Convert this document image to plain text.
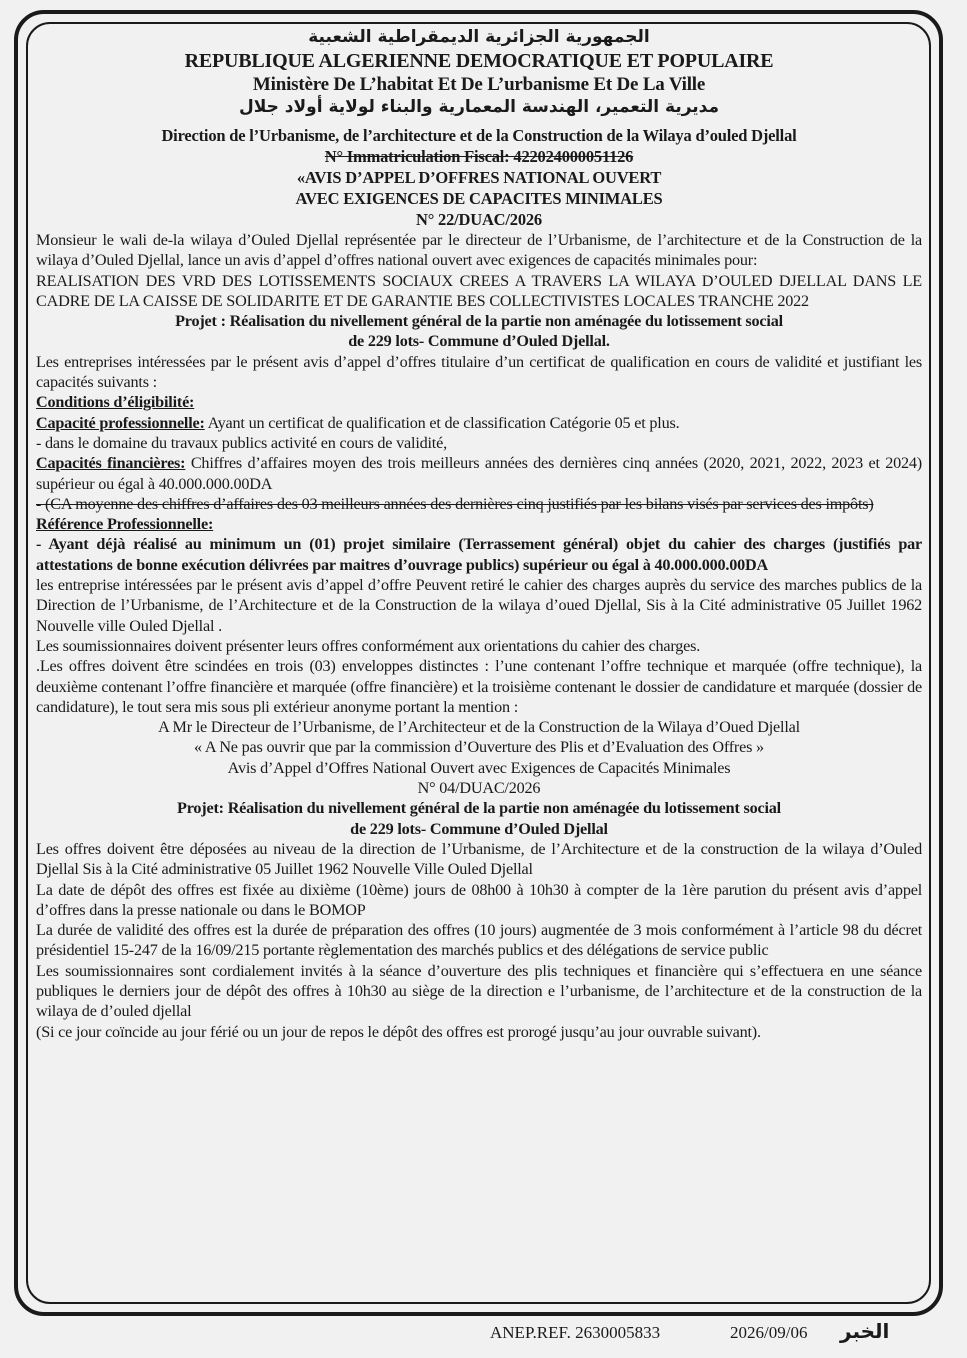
الجمهورية الجزائرية الديمقراطية الشعبية
REPUBLIQUE ALGERIENNE DEMOCRATIQUE ET POPULAIRE
Ministère De L’habitat Et De L’urbanisme Et De La Ville
مديرية التعمير، الهندسة المعمارية والبناء لولاية أولاد جلال
Direction de l’Urbanisme, de l’architecture et de la Construction de la Wilaya d’ouled Djellal
N° Immatriculation Fiscal: 422024000051126
«AVIS D’APPEL D’OFFRES NATIONAL OUVERT
AVEC EXIGENCES DE CAPACITES MINIMALES
N° 22/DUAC/2026
Monsieur le wali de-la wilaya d’Ouled Djellal représentée par le directeur de l’Urbanisme, de l’architecture et de la Construction de la wilaya d’Ouled Djellal, lance un avis d’appel d’offres national ouvert avec exigences de capacités minimales pour:
REALISATION DES VRD DES LOTISSEMENTS SOCIAUX CREES A TRAVERS LA WILAYA D’OULED DJELLAL DANS LE CADRE DE LA CAISSE DE SOLIDARITE ET DE GARANTIE BES COLLECTIVISTES LOCALES TRANCHE 2022
Projet : Réalisation du nivellement général de la partie non aménagée du lotissement social
de 229 lots- Commune d’Ouled Djellal.
Les entreprises intéressées par le présent avis d’appel d’offres titulaire d’un certificat de qualification en cours de validité et justifiant les capacités suivants :
Conditions d’éligibilité:
Capacité professionnelle: Ayant un certificat de qualification et de classification Catégorie 05 et plus.
- dans le domaine du travaux publics activité en cours de validité,
Capacités financières: Chiffres d’affaires moyen des trois meilleurs années des dernières cinq années (2020, 2021, 2022, 2023 et 2024) supérieur ou égal à 40.000.000.00DA
- (CA moyenne des chiffres d’affaires des 03 meilleurs années des dernières cinq justifiés par les bilans visés par services des impôts)
Référence Professionnelle:
- Ayant déjà réalisé au minimum un (01) projet similaire (Terrassement général) objet du cahier des charges (justifiés par attestations de bonne exécution délivrées par maitres d’ouvrage publics) supérieur ou égal à 40.000.000.00DA
les entreprise intéressées par le présent avis d’appel d’offre Peuvent retiré le cahier des charges auprès du service des marches publics de la Direction de l’Urbanisme, de l’Architecture et de la Construction de la wilaya d’oued Djellal, Sis à la Cité administrative 05 Juillet 1962 Nouvelle ville Ouled Djellal .
Les soumissionnaires doivent présenter leurs offres conformément aux orientations du cahier des charges.
.Les offres doivent être scindées en trois (03) enveloppes distinctes : l’une contenant l’offre technique et marquée (offre technique), la deuxième contenant l’offre financière et marquée (offre financière) et la troisième contenant le dossier de candidature et marquée (dossier de candidature), le tout sera mis sous pli extérieur anonyme portant la mention :
A Mr le Directeur de l’Urbanisme, de l’Architecteur et de la Construction de la Wilaya d’Oued Djellal
« A Ne pas ouvrir que par la commission d’Ouverture des Plis et d’Evaluation des Offres »
Avis d’Appel d’Offres National Ouvert avec Exigences de Capacités Minimales
N° 04/DUAC/2026
Projet: Réalisation du nivellement général de la partie non aménagée du lotissement social
de 229 lots- Commune d’Ouled Djellal
Les offres doivent être déposées au niveau de la direction de l’Urbanisme, de l’Architecture et de la construction de la wilaya d’Ouled Djellal Sis à la Cité administrative 05 Juillet 1962 Nouvelle Ville Ouled Djellal
La date de dépôt des offres est fixée au dixième (10ème) jours de 08h00 à 10h30 à compter de la 1ère parution du présent avis d’appel d’offres dans la presse nationale ou dans le BOMOP
La durée de validité des offres est la durée de préparation des offres (10 jours) augmentée de 3 mois conformément à l’article 98 du décret présidentiel 15-247 de la 16/09/215 portante règlementation des marchés publics et des délégations de service public
Les soumissionnaires sont cordialement invités à la séance d’ouverture des plis techniques et financière qui s’effectuera en une séance publiques le derniers jour de dépôt des offres à 10h30 au siège de la direction e l’urbanisme, de l’architecture et de la construction de la wilaya de d’ouled djellal
(Si ce jour coïncide au jour férié ou un jour de repos le dépôt des offres est prorogé jusqu’au jour ouvrable suivant).
ANEP.REF. 2630005833	2026/09/06 الخبر
